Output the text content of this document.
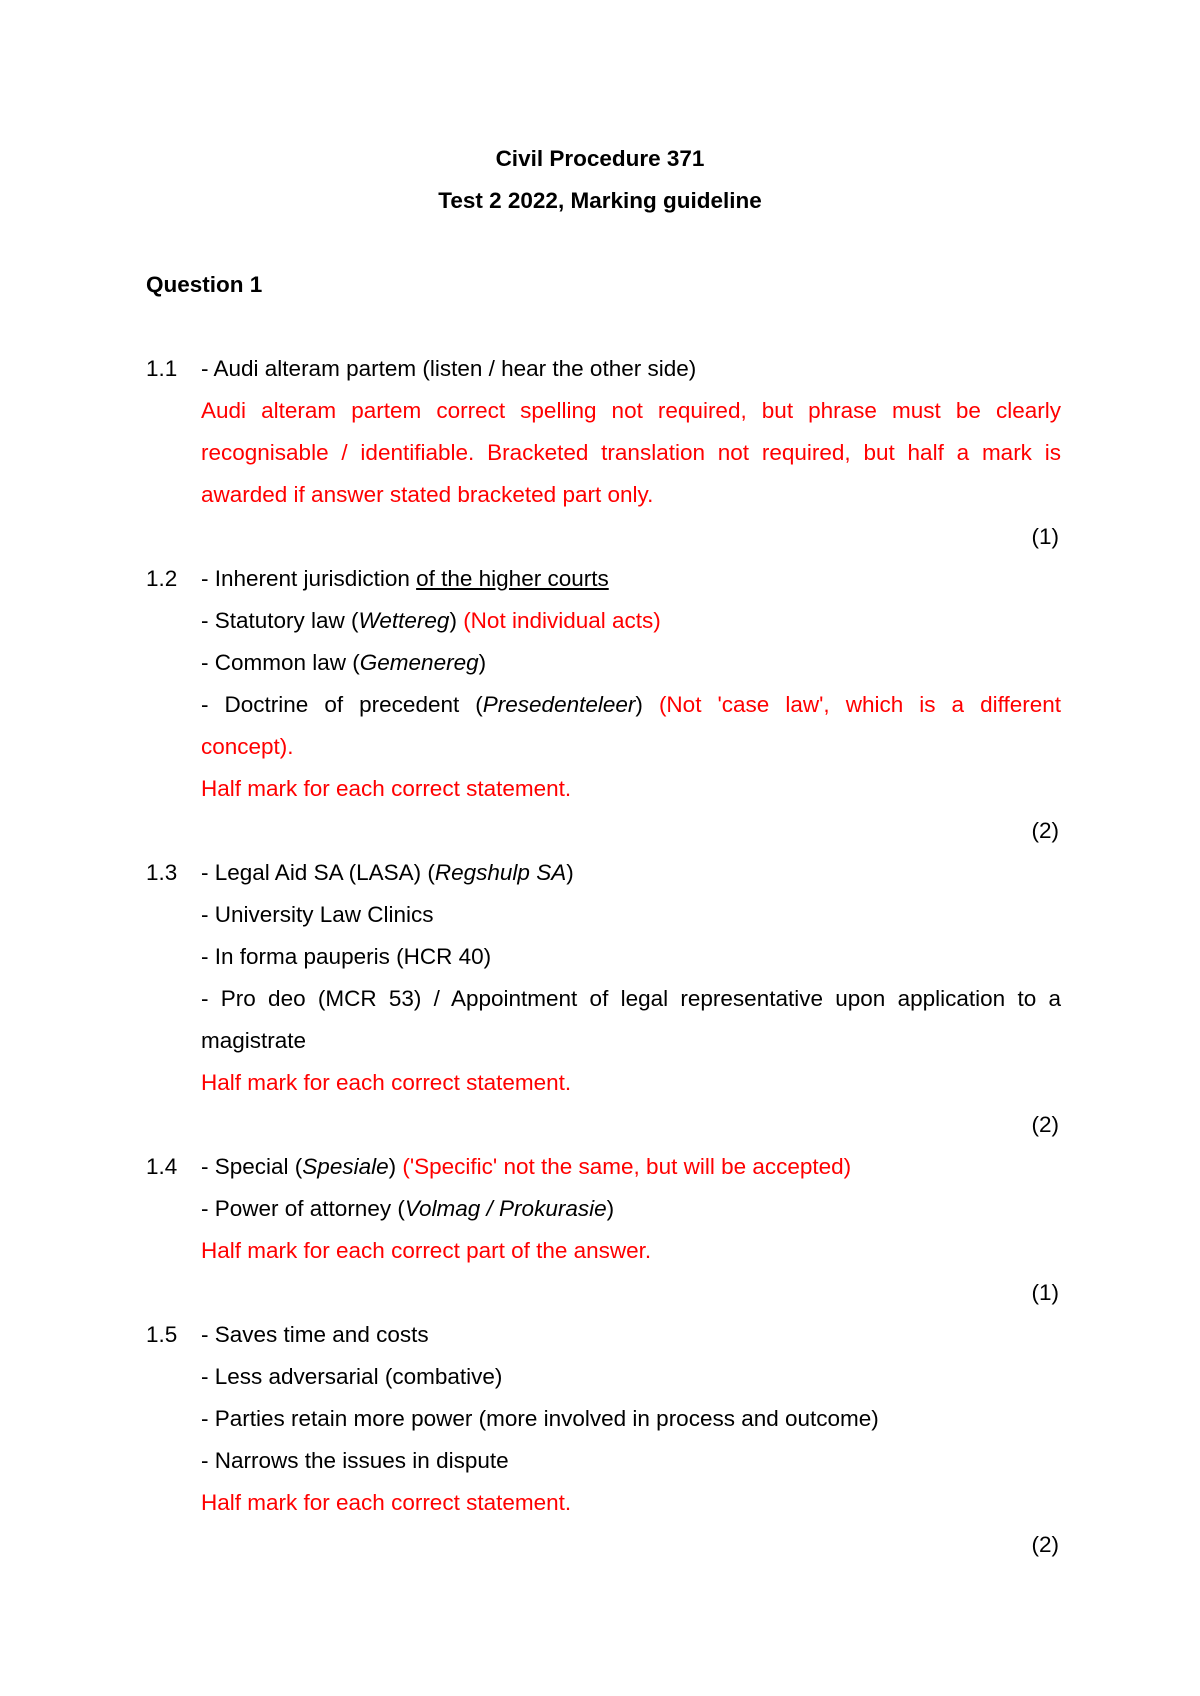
Civil Procedure 371
Test 2 2022, Marking guideline
Question 1
1.1 - Audi alteram partem (listen / hear the other side)
Audi alteram partem correct spelling not required, but phrase must be clearly
recognisable / identifiable. Bracketed translation not required, but half a mark is
awarded if answer stated bracketed part only.
(1)
1.2 - Inherent jurisdiction of the higher courts
- Statutory law (Wettereg) (Not individual acts)
- Common law (Gemenereg)
- Doctrine of precedent (Presedenteleer) (Not 'case law', which is a different
concept).
Half mark for each correct statement.
(2)
1.3 - Legal Aid SA (LASA) (Regshulp SA)
- University Law Clinics
- In forma pauperis (HCR 40)
- Pro deo (MCR 53) / Appointment of legal representative upon application to a
magistrate
Half mark for each correct statement.
(2)
1.4 - Special (Spesiale) ('Specific' not the same, but will be accepted)
- Power of attorney (Volmag / Prokurasie)
Half mark for each correct part of the answer.
(1)
1.5 - Saves time and costs
- Less adversarial (combative)
- Parties retain more power (more involved in process and outcome)
- Narrows the issues in dispute
Half mark for each correct statement.
(2)
